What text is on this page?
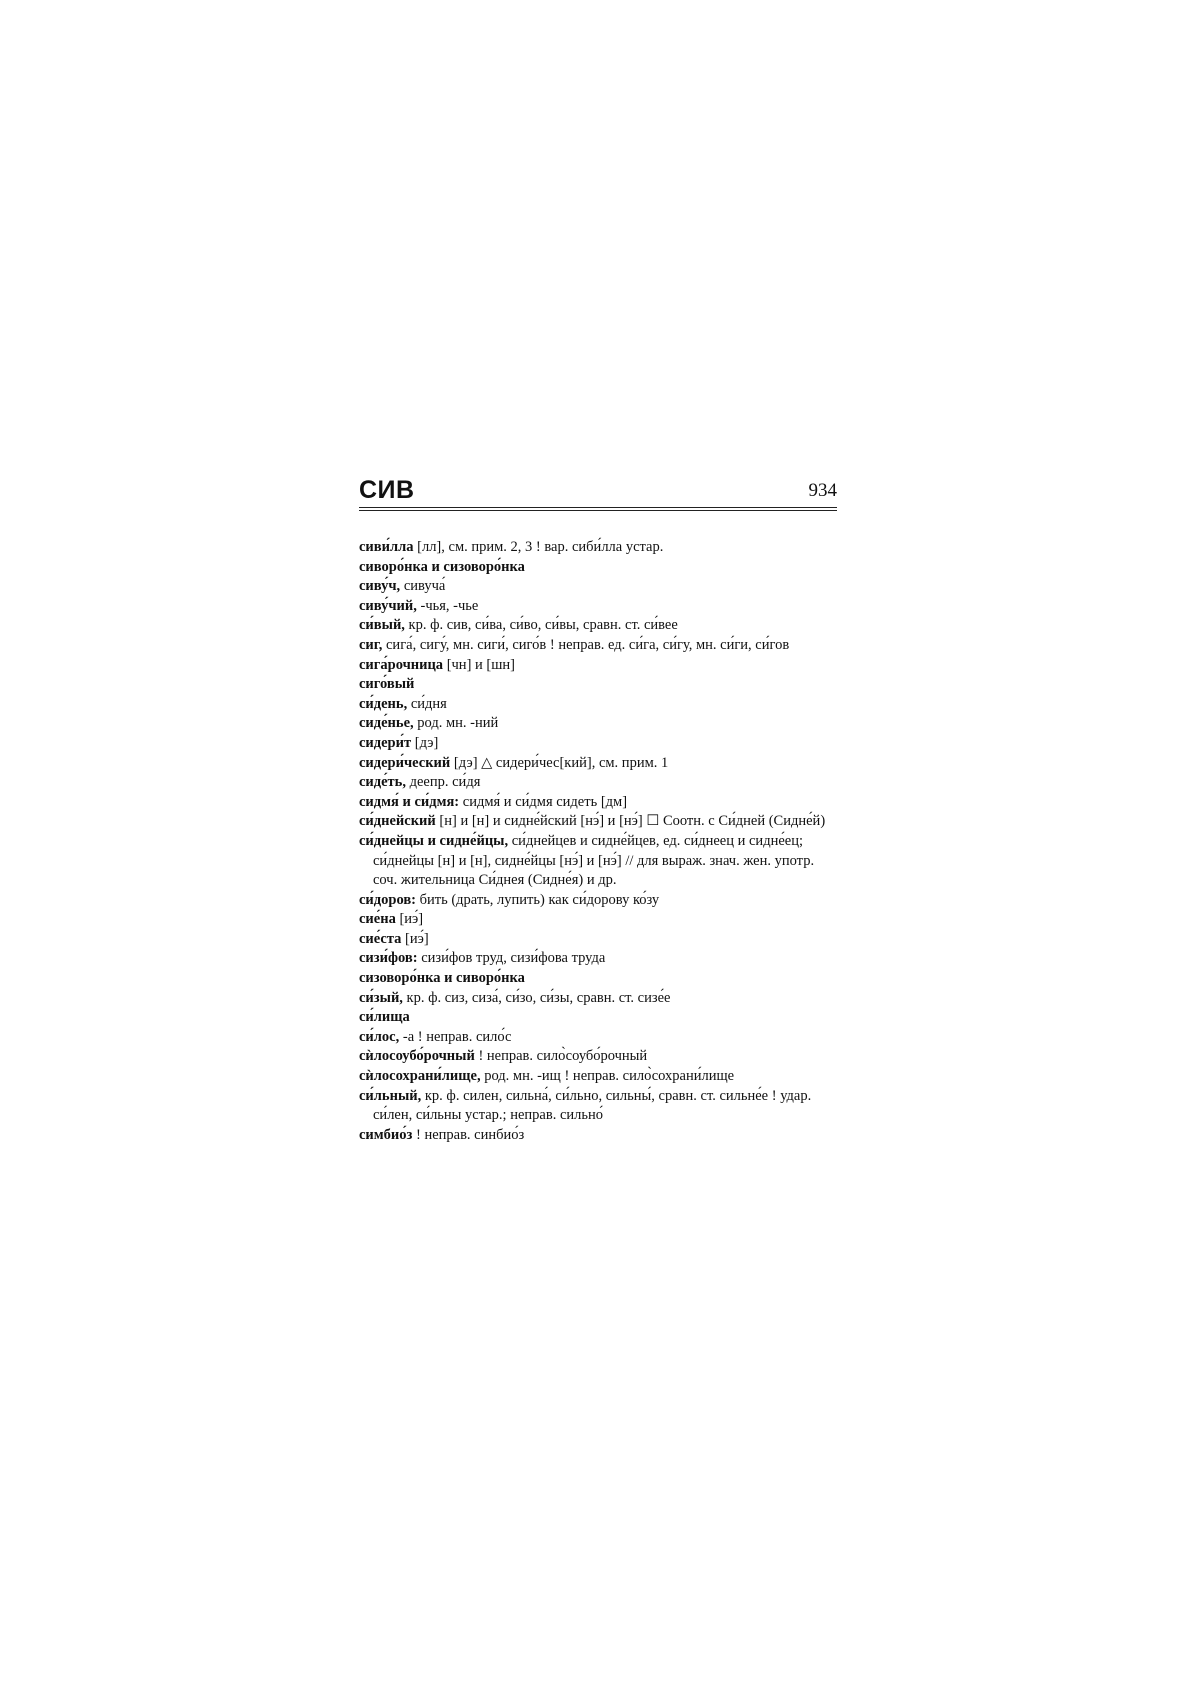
СИВ	934
сиви́лла [лл], см. прим. 2, 3 ! вар. сиби́лла устар.
сиворо́нка и сизоворо́нка
сиву́ч, сивуча́
сиву́чий, -чья, -чье
си́вый, кр. ф. сив, си́ва, си́во, си́вы, сравн. ст. си́вее
сиг, сига́, сигу́, мн. сиги́, сиго́в ! неправ. ед. си́га, си́гу, мн. си́ги, си́гов
сига́рочница [чн] и [шн]
сиго́вый
си́день, си́дня
сиде́нье, род. мн. -ний
сидери́т [дэ]
сидери́ческий [дэ] △ сидери́чес[кий], см. прим. 1
сиде́ть, деепр. си́дя
сидмя́ и си́дмя: сидмя́ и си́дмя сидеть [дм]
си́днейский [н] и [н] и сидне́йский [нэ́] и [нэ́] ☐ Соотн. с Си́дней (Сидне́й)
си́днейцы и сидне́йцы, си́днейцев и сидне́йцев, ед. си́днеец и сидне́ец; си́днейцы [н] и [н], сидне́йцы [нэ́] и [нэ́] // для выраж. знач. жен. употр. соч. жительница Си́днея (Сидне́я) и др.
си́доров: бить (драть, лупить) как си́дорову ко́зу
сие́на [иэ́]
сие́ста [иэ́]
сизи́фов: сизи́фов труд, сизи́фова труда
сизоворо́нка и сиворо́нка
си́зый, кр. ф. сиз, сиза́, си́зо, си́зы, сравн. ст. сизе́е
си́лища
си́лос, -а ! неправ. сило́с
сѝлосоубо́рочный ! неправ. сило̀соубо́рочный
сѝлосохрани́лище, род. мн. -ищ ! неправ. сило̀сохрани́лище
си́льный, кр. ф. силен, сильна́, си́льно, сильны́, сравн. ст. сильне́е ! удар. си́лен, си́льны устар.; неправ. сильно́
симбио́з ! неправ. синбио́з
